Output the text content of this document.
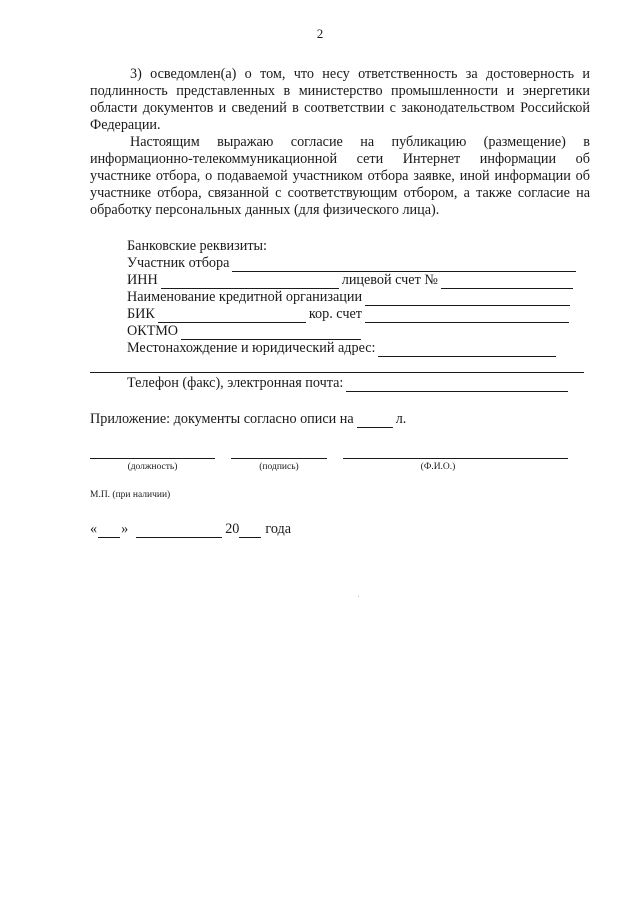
2

3) осведомлен(а) о том, что несу ответственность за достоверность и подлинность представленных в министерство промышленности и энергетики области документов и сведений в соответствии с законодательством Российской Федерации.

Настоящим выражаю согласие на публикацию (размещение) в информационно-телекоммуникационной сети Интернет информации об участнике отбора, о подаваемой участником отбора заявке, иной информации об участнике отбора, связанной с соответствующим отбором, а также согласие на обработку персональных данных (для физического лица).

Банковские реквизиты:
Участник отбора
ИНН	лицевой счет №
Наименование кредитной организации
БИК	кор. счет
ОКТМО
Местонахождение и юридический адрес:
Телефон (факс), электронная почта:
Приложение: документы согласно описи на	л.
(должность)	(подпись)	(Ф.И.О.)
М.П. (при наличии)
« »	20 года
